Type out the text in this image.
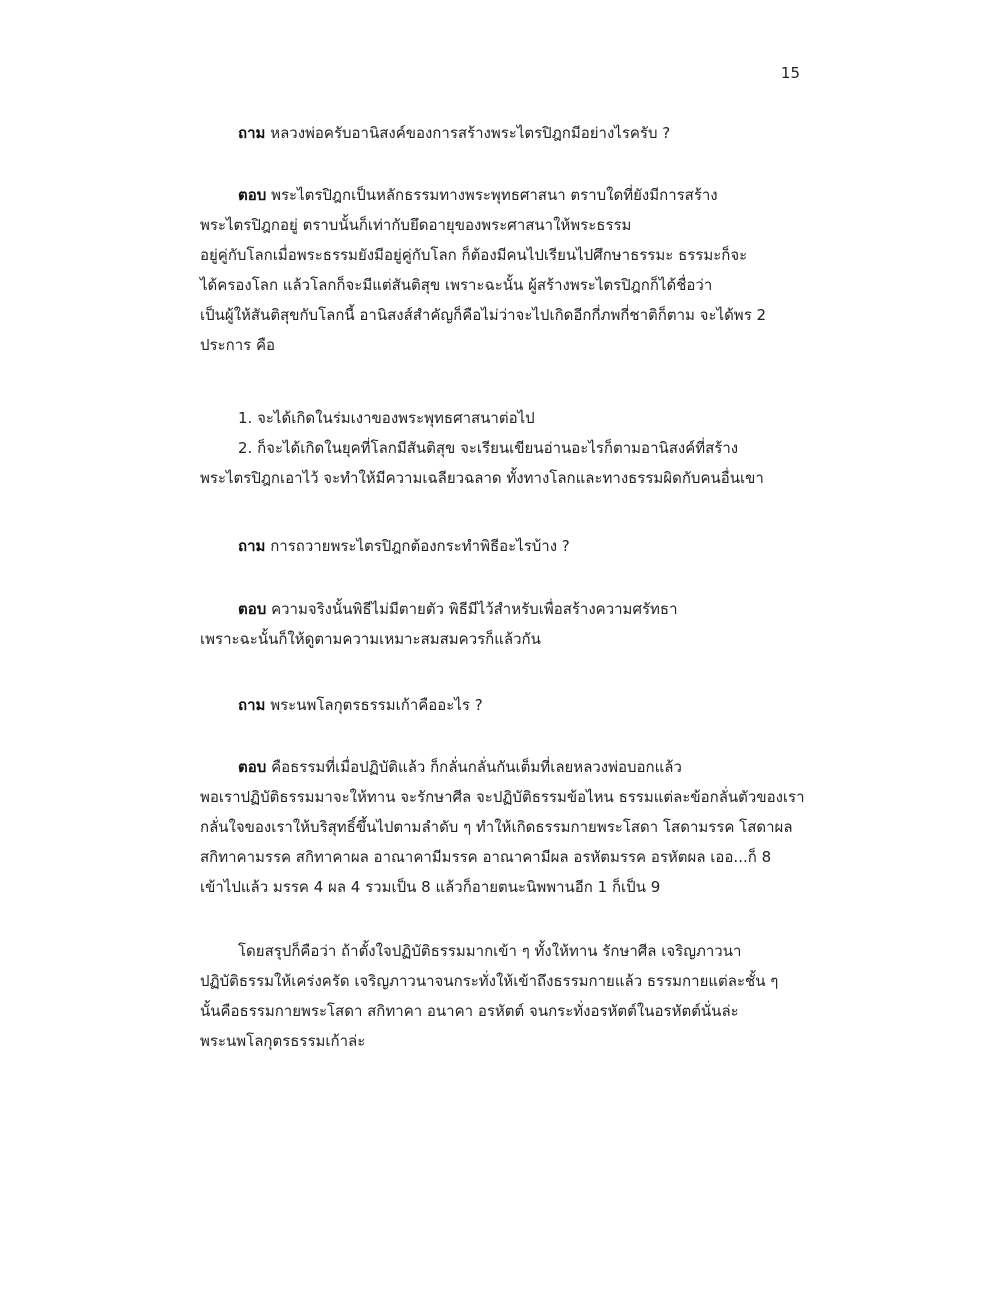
15
ถาม หลวงพ่อครับอานิสงค์ของการสร้างพระไตรปิฎกมีอย่างไรครับ ?
ตอบ พระไตรปิฎกเป็นหลักธรรมทางพระพุทธศาสนา ตราบใดที่ยังมีการสร้าง
พระไตรปิฎกอยู่ ตราบนั้นก็เท่ากับยึดอายุของพระศาสนาให้พระธรรม
อยู่คู่กับโลกเมื่อพระธรรมยังมีอยู่คู่กับโลก ก็ต้องมีคนไปเรียนไปศึกษาธรรมะ ธรรมะก็จะ
ได้ครองโลก แล้วโลกก็จะมีแต่สันติสุข เพราะฉะนั้น ผู้สร้างพระไตรปิฎกก็ได้ชื่อว่า
เป็นผู้ให้สันติสุขกับโลกนี้ อานิสงส์สำคัญก็คือไม่ว่าจะไปเกิดอีกกี่ภพกี่ชาติก็ตาม จะได้พร 2
ประการ คือ
1. จะได้เกิดในร่มเงาของพระพุทธศาสนาต่อไป
2. ก็จะได้เกิดในยุคที่โลกมีสันติสุข จะเรียนเขียนอ่านอะไรก็ตามอานิสงค์ที่สร้าง
พระไตรปิฎกเอาไว้ จะทำให้มีความเฉลียวฉลาด ทั้งทางโลกและทางธรรมผิดกับคนอื่นเขา
ถาม การถวายพระไตรปิฎกต้องกระทำพิธีอะไรบ้าง ?
ตอบ ความจริงนั้นพิธีไม่มีตายตัว พิธีมีไว้สำหรับเพื่อสร้างความศรัทธา
เพราะฉะนั้นก็ให้ดูตามความเหมาะสมสมควรก็แล้วกัน
ถาม พระนพโลกุตรธรรมเก้าคืออะไร ?
ตอบ คือธรรมที่เมื่อปฏิบัติแล้ว ก็กลั่นกลั่นกันเต็มที่เลยหลวงพ่อบอกแล้ว
พอเราปฏิบัติธรรมมาจะให้ทาน จะรักษาศีล จะปฏิบัติธรรมข้อไหน ธรรมแต่ละข้อกลั่นตัวของเรา
กลั่นใจของเราให้บริสุทธิ์ขึ้นไปตามลำดับ ๆ ทำให้เกิดธรรมกายพระโสดา โสดามรรค โสดาผล
สกิทาคามรรค สกิทาคาผล อาณาคามีมรรค อาณาคามีผล อรหัตมรรค อรหัตผล เออ...ก็ 8
เข้าไปแล้ว มรรค 4 ผล 4 รวมเป็น 8 แล้วก็อายตนะนิพพานอีก 1 ก็เป็น 9
โดยสรุปก็คือว่า ถ้าตั้งใจปฏิบัติธรรมมากเข้า ๆ ทั้งให้ทาน รักษาศีล เจริญภาวนา
ปฏิบัติธรรมให้เคร่งครัด เจริญภาวนาจนกระทั่งให้เข้าถึงธรรมกายแล้ว ธรรมกายแต่ละชั้น ๆ
นั้นคือธรรมกายพระโสดา สกิทาคา อนาคา อรหัตต์ จนกระทั่งอรหัตต์ในอรหัตต์นั่นล่ะ
พระนพโลกุตรธรรมเก้าล่ะ
